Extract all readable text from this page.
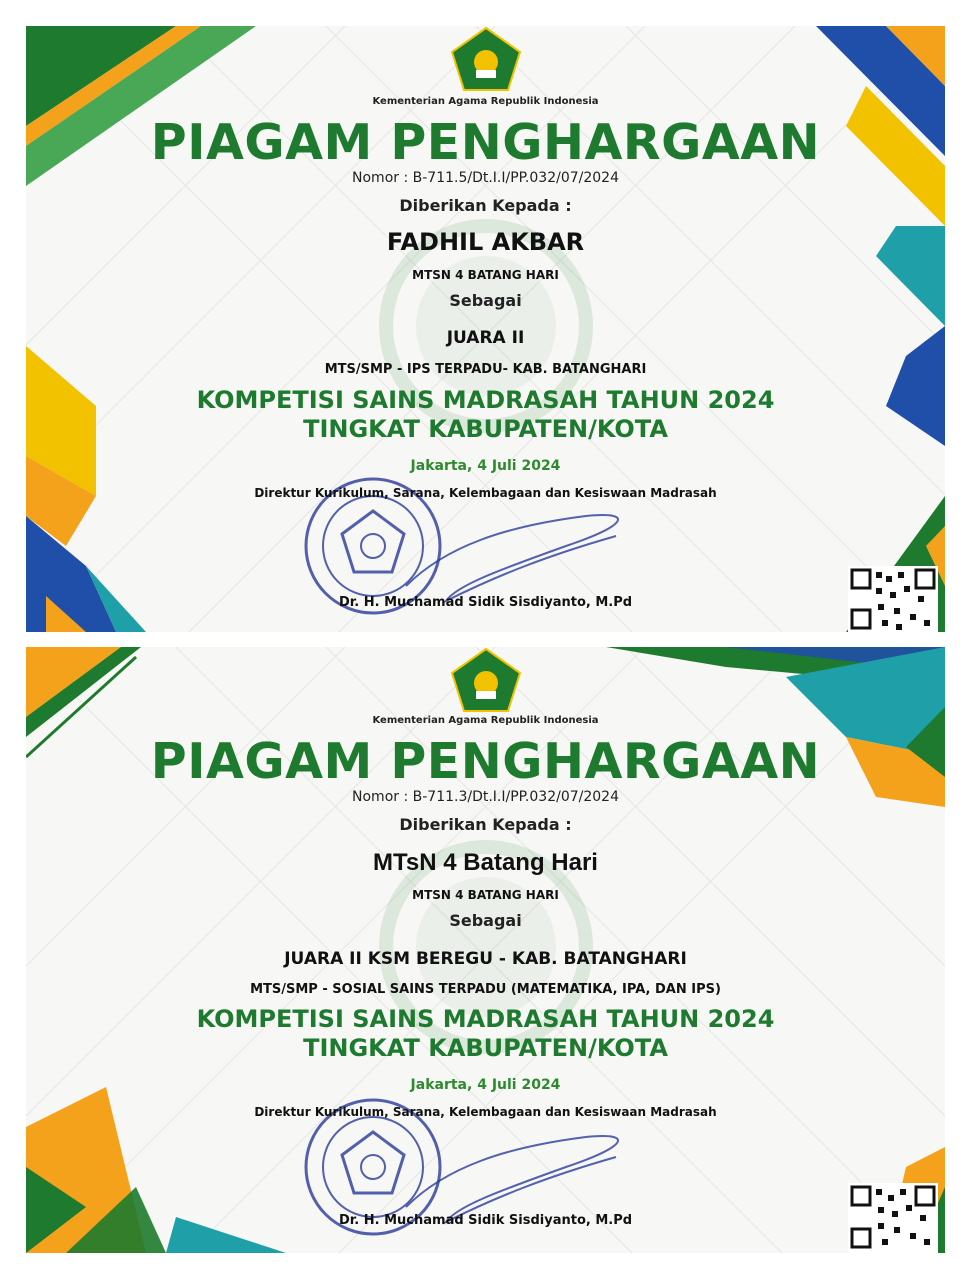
Kementerian Agama Republik Indonesia
PIAGAM PENGHARGAAN
Nomor : B-711.5/Dt.I.I/PP.032/07/2024
Diberikan Kepada :
FADHIL AKBAR
MTSN 4 BATANG HARI
Sebagai
JUARA II
MTS/SMP - IPS TERPADU- KAB. BATANGHARI
KOMPETISI SAINS MADRASAH TAHUN 2024
TINGKAT KABUPATEN/KOTA
Jakarta, 4 Juli 2024
Direktur Kurikulum, Sarana, Kelembagaan dan Kesiswaan Madrasah
Dr. H. Muchamad Sidik Sisdiyanto, M.Pd
Kementerian Agama Republik Indonesia
PIAGAM PENGHARGAAN
Nomor : B-711.3/Dt.I.I/PP.032/07/2024
Diberikan Kepada :
MTsN 4 Batang Hari
MTSN 4 BATANG HARI
Sebagai
JUARA II KSM BEREGU - KAB. BATANGHARI
MTS/SMP - SOSIAL SAINS TERPADU (MATEMATIKA, IPA, DAN IPS)
KOMPETISI SAINS MADRASAH TAHUN 2024
TINGKAT KABUPATEN/KOTA
Jakarta, 4 Juli 2024
Direktur Kurikulum, Sarana, Kelembagaan dan Kesiswaan Madrasah
Dr. H. Muchamad Sidik Sisdiyanto, M.Pd
